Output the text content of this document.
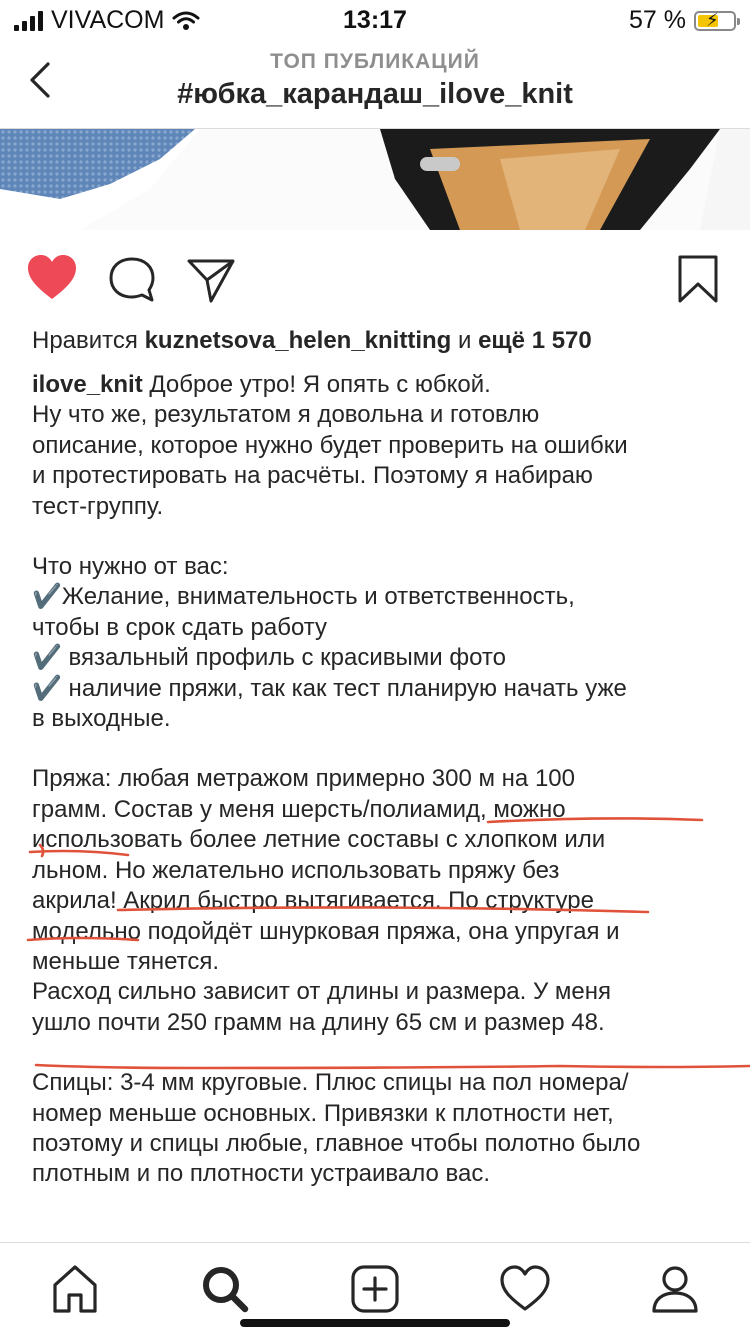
VIVACOM	13:17	57 % ⚡
ТОП ПУБЛИКАЦИЙ
#юбка_карандаш_ilove_knit
Нравится kuznetsova_helen_knitting и ещё 1 570

ilove_knit Доброе утро! Я опять с юбкой.

Ну что же, результатом я довольна и готовлю

описание, которое нужно будет проверить на ошибки

и протестировать на расчёты. Поэтому я набираю

тест-группу.

Что нужно от вас:

✔️Желание, внимательность и ответственность,

чтобы в срок сдать работу

✔️ вязальный профиль с красивыми фото

✔️ наличие пряжи, так как тест планирую начать уже

в выходные.

Пряжа: любая метражом примерно 300 м на 100

грамм. Состав у меня шерсть/полиамид, можно

использовать более летние составы с хлопком или

льном. Но желательно использовать пряжу без

акрила! Акрил быстро вытягивается. По структуре

модельно подойдёт шнурковая пряжа, она упругая и

меньше тянется.

Расход сильно зависит от длины и размера. У меня

ушло почти 250 грамм на длину 65 см и размер 48.

Спицы: 3-4 мм круговые. Плюс спицы на пол номера/

номер меньше основных. Привязки к плотности нет,

поэтому и спицы любые, главное чтобы полотно было

плотным и по плотности устраивало вас.
